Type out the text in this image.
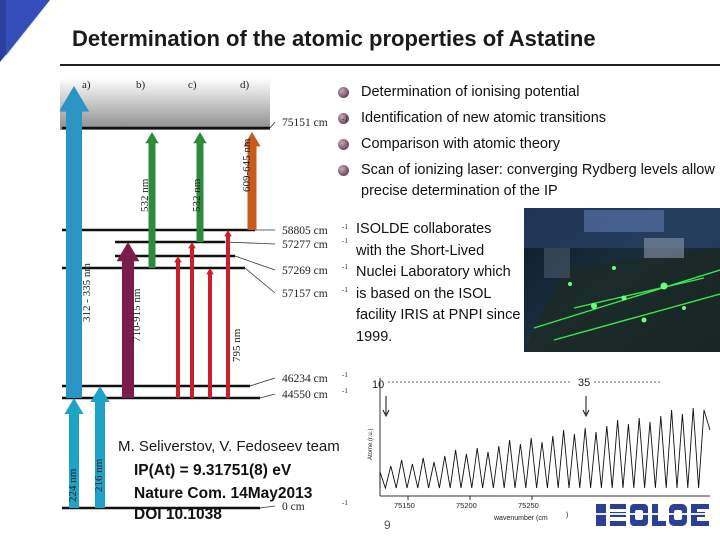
Determination of the atomic properties of Astatine
Determination of ionising potential
Identification of new atomic transitions
Comparison with atomic theory
Scan of ionizing laser: converging Rydberg levels allow precise determination of the IP
ISOLDE collaborates with the Short-Lived Nuclei Laboratory which is based on the ISOL facility IRIS at PNPI since 1999.
75151 cm -1
58805 cm -1
57277 cm -1
57269 cm -1
57157 cm -1
46234 cm -1
44550 cm -1
0 cm	-1
a)	b)	c)	d)
312 - 335 nm
532 nm	532 nm
609-645 nm
710-915 nm
795 nm
224 nm 216 nm
10	35
75150	75200	75250
wavenumber (cm	)
Atome (r.u.)
M. Seliverstov, V. Fedoseev team
IP(At) = 9.31751(8) eV
Nature Com. 14May2013
DOI 10.1038
9
